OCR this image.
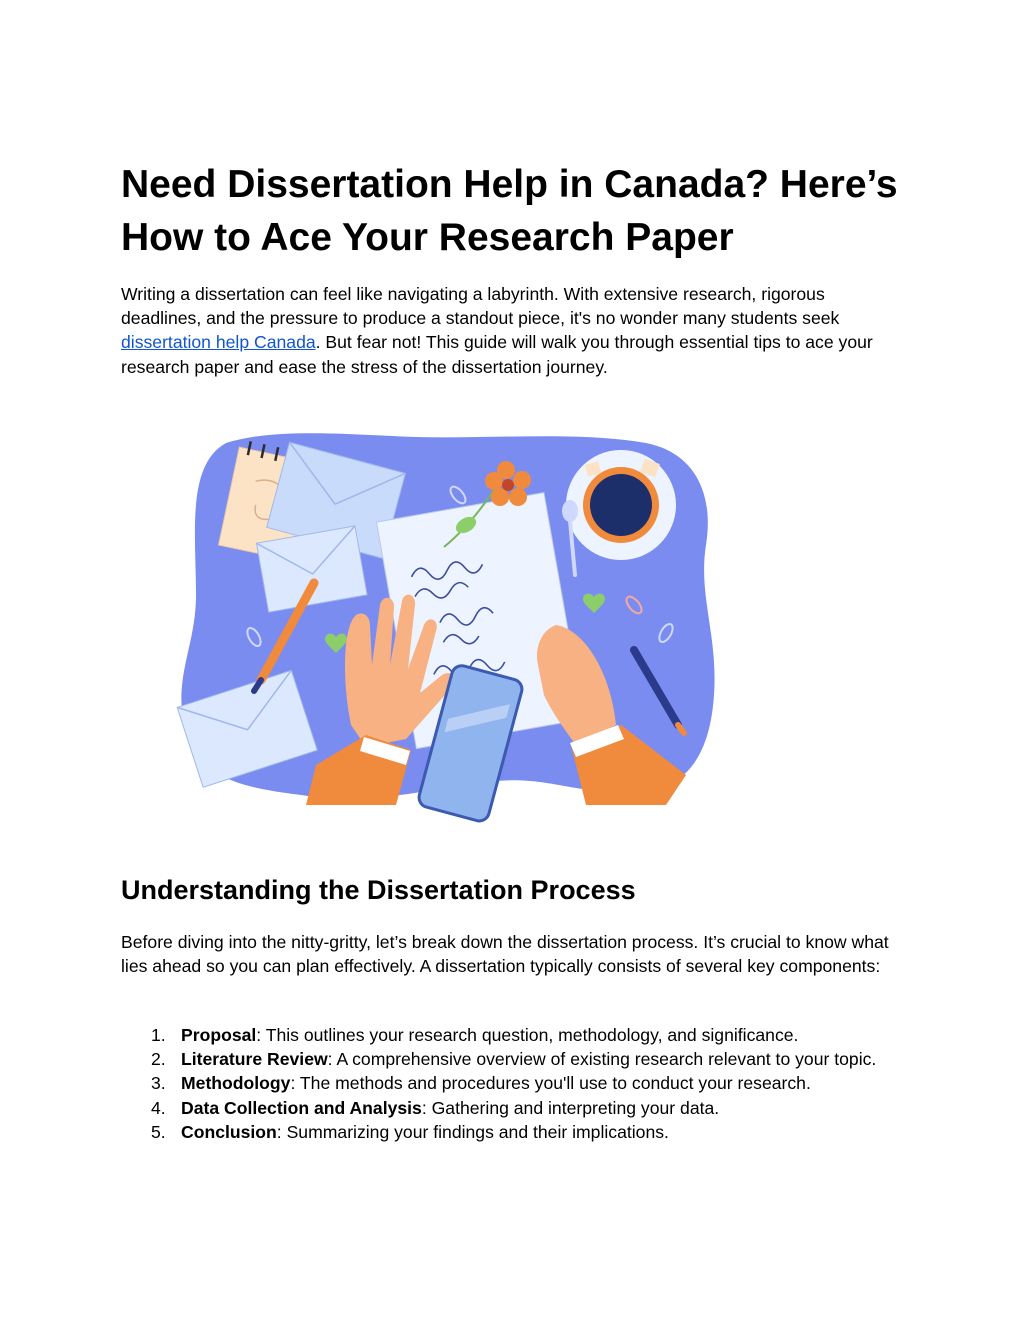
Need Dissertation Help in Canada? Here’s How to Ace Your Research Paper

Writing a dissertation can feel like navigating a labyrinth. With extensive research, rigorous deadlines, and the pressure to produce a standout piece, it's no wonder many students seek dissertation help Canada. But fear not! This guide will walk you through essential tips to ace your research paper and ease the stress of the dissertation journey.

Understanding the Dissertation Process

Before diving into the nitty-gritty, let’s break down the dissertation process. It’s crucial to know what lies ahead so you can plan effectively. A dissertation typically consists of several key components:

1. Proposal: This outlines your research question, methodology, and significance.
2. Literature Review: A comprehensive overview of existing research relevant to your topic.
3. Methodology: The methods and procedures you'll use to conduct your research.
4. Data Collection and Analysis: Gathering and interpreting your data.
5. Conclusion: Summarizing your findings and their implications.
